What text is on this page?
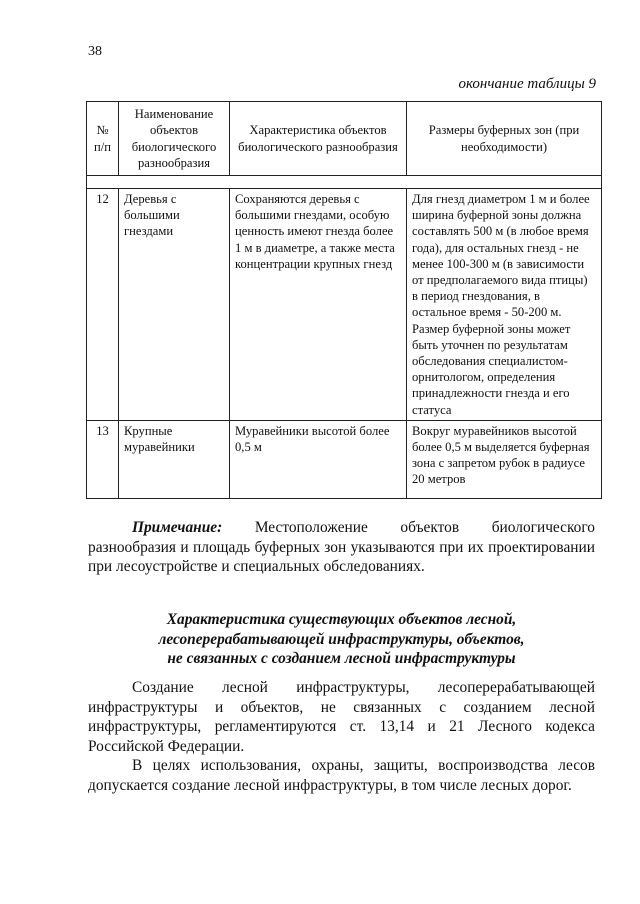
38
окончание таблицы 9
№ п/п	Наименование объектов биологического разнообразия	Характеристика объектов биологического разнообразия	Размеры буферных зон (при необходимости)

12	Деревья с большими гнездами	Сохраняются деревья с большими гнездами, особую ценность имеют гнезда более 1 м в диаметре, а также места концентрации крупных гнезд	Для гнезд диаметром 1 м и более ширина буферной зоны должна составлять 500 м (в любое время года), для остальных гнезд - не менее 100-300 м (в зависимости от предполагаемого вида птицы) в период гнездования, в остальное время - 50-200 м. Размер буферной зоны может быть уточнен по результатам обследования специалистом-орнитологом, определения принадлежности гнезда и его статуса
13	Крупные муравейники	Муравейники высотой более 0,5 м	Вокруг муравейников высотой более 0,5 м выделяется буферная зона с запретом рубок в радиусе 20 метров

Примечание: Местоположение объектов биологического разнообразия и площадь буферных зон указываются при их проектировании при лесоустройстве и специальных обследованиях.

Характеристика существующих объектов лесной,
лесоперерабатывающей инфраструктуры, объектов,
не связанных с созданием лесной инфраструктуры

Создание лесной инфраструктуры, лесоперерабатывающей инфраструктуры и объектов, не связанных с созданием лесной инфраструктуры, регламентируются ст. 13,14 и 21 Лесного кодекса Российской Федерации.

В целях использования, охраны, защиты, воспроизводства лесов допускается создание лесной инфраструктуры, в том числе лесных дорог.
